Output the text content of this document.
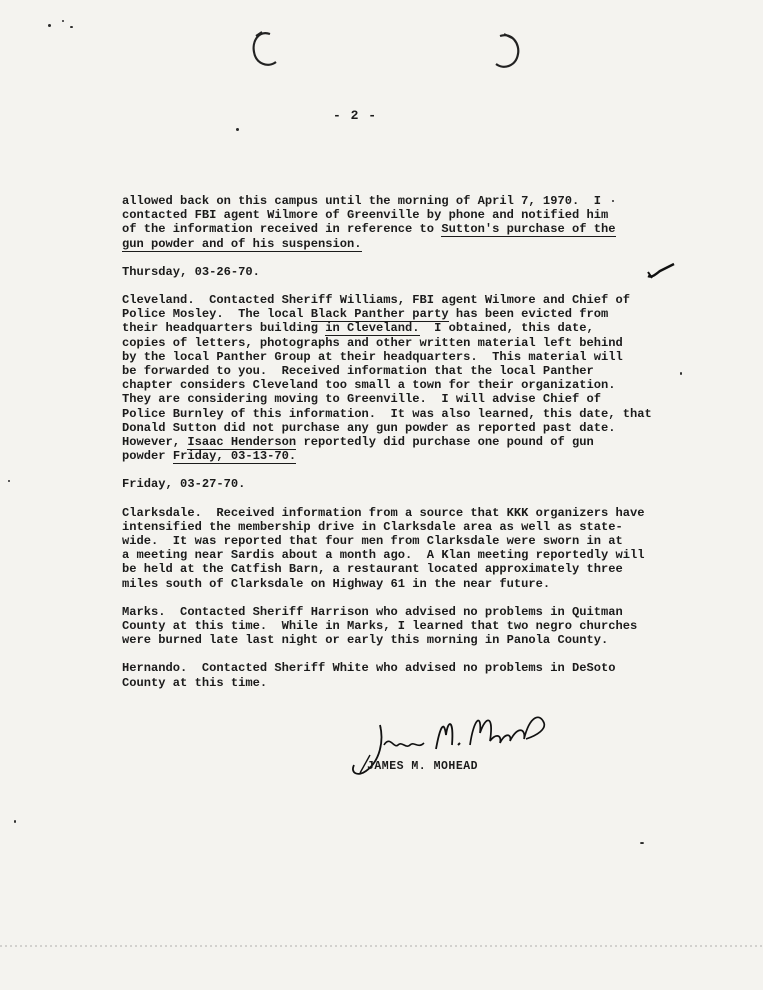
- 2 -
allowed back on this campus until the morning of April 7, 1970.  I
contacted FBI agent Wilmore of Greenville by phone and notified him
of the information received in reference to Sutton's purchase of the
gun powder and of his suspension.
Thursday, 03-26-70.
Cleveland.  Contacted Sheriff Williams, FBI agent Wilmore and Chief of
Police Mosley.  The local Black Panther party has been evicted from
their headquarters building in Cleveland.  I obtained, this date,
copies of letters, photographs and other written material left behind
by the local Panther Group at their headquarters.  This material will
be forwarded to you.  Received information that the local Panther
chapter considers Cleveland too small a town for their organization.
They are considering moving to Greenville.  I will advise Chief of
Police Burnley of this information.  It was also learned, this date, that
Donald Sutton did not purchase any gun powder as reported past date.
However, Isaac Henderson reportedly did purchase one pound of gun
powder Friday, 03-13-70.
Friday, 03-27-70.
Clarksdale.  Received information from a source that KKK organizers have
intensified the membership drive in Clarksdale area as well as state-
wide.  It was reported that four men from Clarksdale were sworn in at
a meeting near Sardis about a month ago.  A Klan meeting reportedly will
be held at the Catfish Barn, a restaurant located approximately three
miles south of Clarksdale on Highway 61 in the near future.
Marks.  Contacted Sheriff Harrison who advised no problems in Quitman
County at this time.  While in Marks, I learned that two negro churches
were burned late last night or early this morning in Panola County.
Hernando.  Contacted Sheriff White who advised no problems in DeSoto
County at this time.
JAMES M. MOHEAD
